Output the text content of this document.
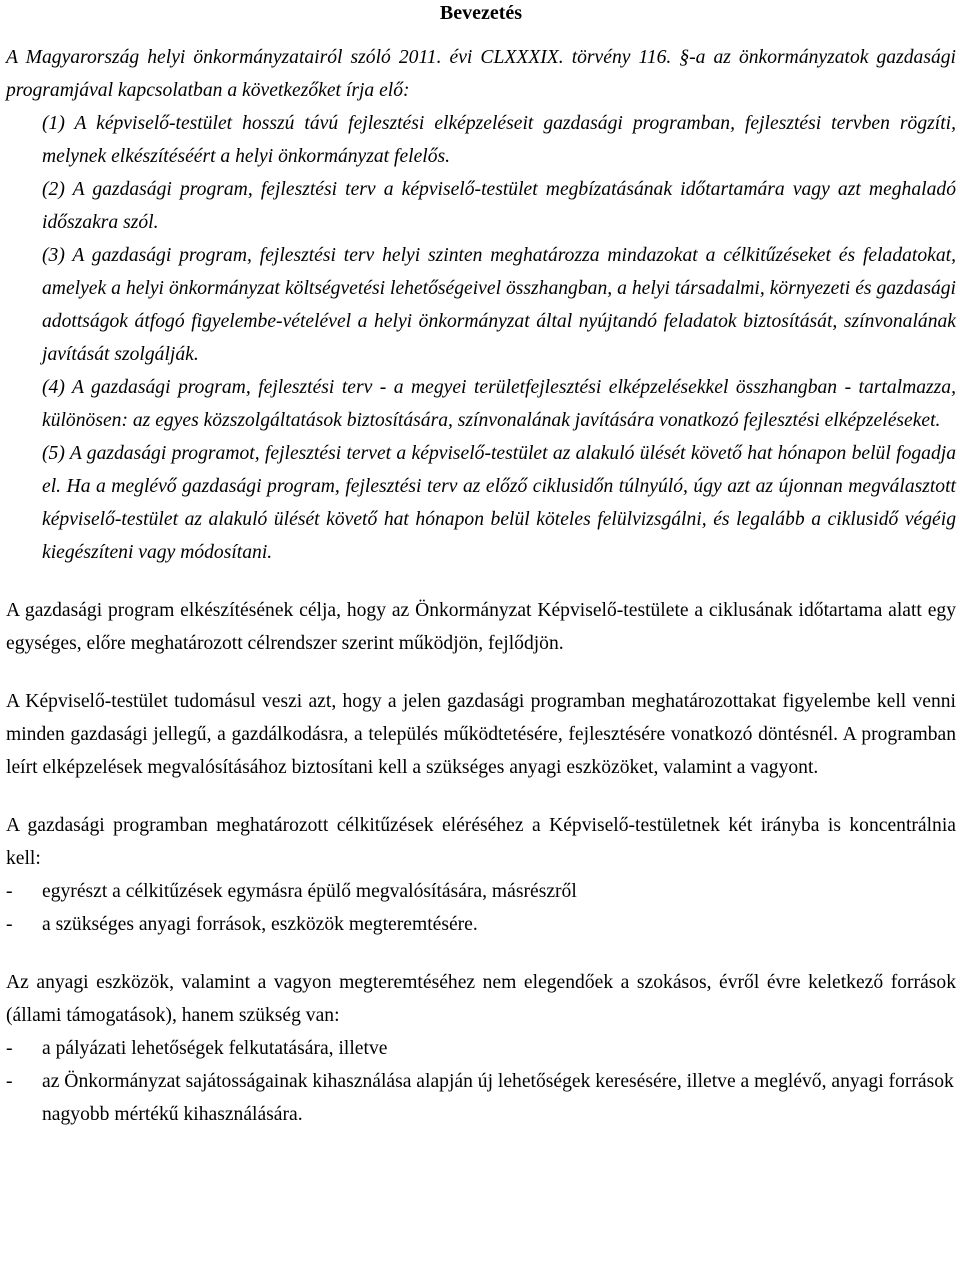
Bevezetés

A Magyarország helyi önkormányzatairól szóló 2011. évi CLXXXIX. törvény 116. §-a az önkormányzatok gazdasági programjával kapcsolatban a következőket írja elő:

(1) A képviselő-testület hosszú távú fejlesztési elképzeléseit gazdasági programban, fejlesztési tervben rögzíti, melynek elkészítéséért a helyi önkormányzat felelős.

(2) A gazdasági program, fejlesztési terv a képviselő-testület megbízatásának időtartamára vagy azt meghaladó időszakra szól.

(3) A gazdasági program, fejlesztési terv helyi szinten meghatározza mindazokat a célkitűzéseket és feladatokat, amelyek a helyi önkormányzat költségvetési lehetőségeivel összhangban, a helyi társadalmi, környezeti és gazdasági adottságok átfogó figyelembe-vételével a helyi önkormányzat által nyújtandó feladatok biztosítását, színvonalának javítását szolgálják.

(4) A gazdasági program, fejlesztési terv - a megyei területfejlesztési elképzelésekkel összhangban - tartalmazza, különösen: az egyes közszolgáltatások biztosítására, színvonalának javítására vonatkozó fejlesztési elképzeléseket.

(5) A gazdasági programot, fejlesztési tervet a képviselő-testület az alakuló ülését követő hat hónapon belül fogadja el. Ha a meglévő gazdasági program, fejlesztési terv az előző ciklusidőn túlnyúló, úgy azt az újonnan megválasztott képviselő-testület az alakuló ülését követő hat hónapon belül köteles felülvizsgálni, és legalább a ciklusidő végéig kiegészíteni vagy módosítani.

A gazdasági program elkészítésének célja, hogy az Önkormányzat Képviselő-testülete a ciklusának időtartama alatt egy egységes, előre meghatározott célrendszer szerint működjön, fejlődjön.

A Képviselő-testület tudomásul veszi azt, hogy a jelen gazdasági programban meghatározottakat figyelembe kell venni minden gazdasági jellegű, a gazdálkodásra, a település működtetésére, fejlesztésére vonatkozó döntésnél. A programban leírt elképzelések megvalósításához biztosítani kell a szükséges anyagi eszközöket, valamint a vagyont.

A gazdasági programban meghatározott célkitűzések eléréséhez a Képviselő-testületnek két irányba is koncentrálnia kell:

- egyrészt a célkitűzések egymásra épülő megvalósítására, másrészről
- a szükséges anyagi források, eszközök megteremtésére.

Az anyagi eszközök, valamint a vagyon megteremtéséhez nem elegendőek a szokásos, évről évre keletkező források (állami támogatások), hanem szükség van:

- a pályázati lehetőségek felkutatására, illetve
- az Önkormányzat sajátosságainak kihasználása alapján új lehetőségek keresésére, illetve a meglévő, anyagi források nagyobb mértékű kihasználására.
